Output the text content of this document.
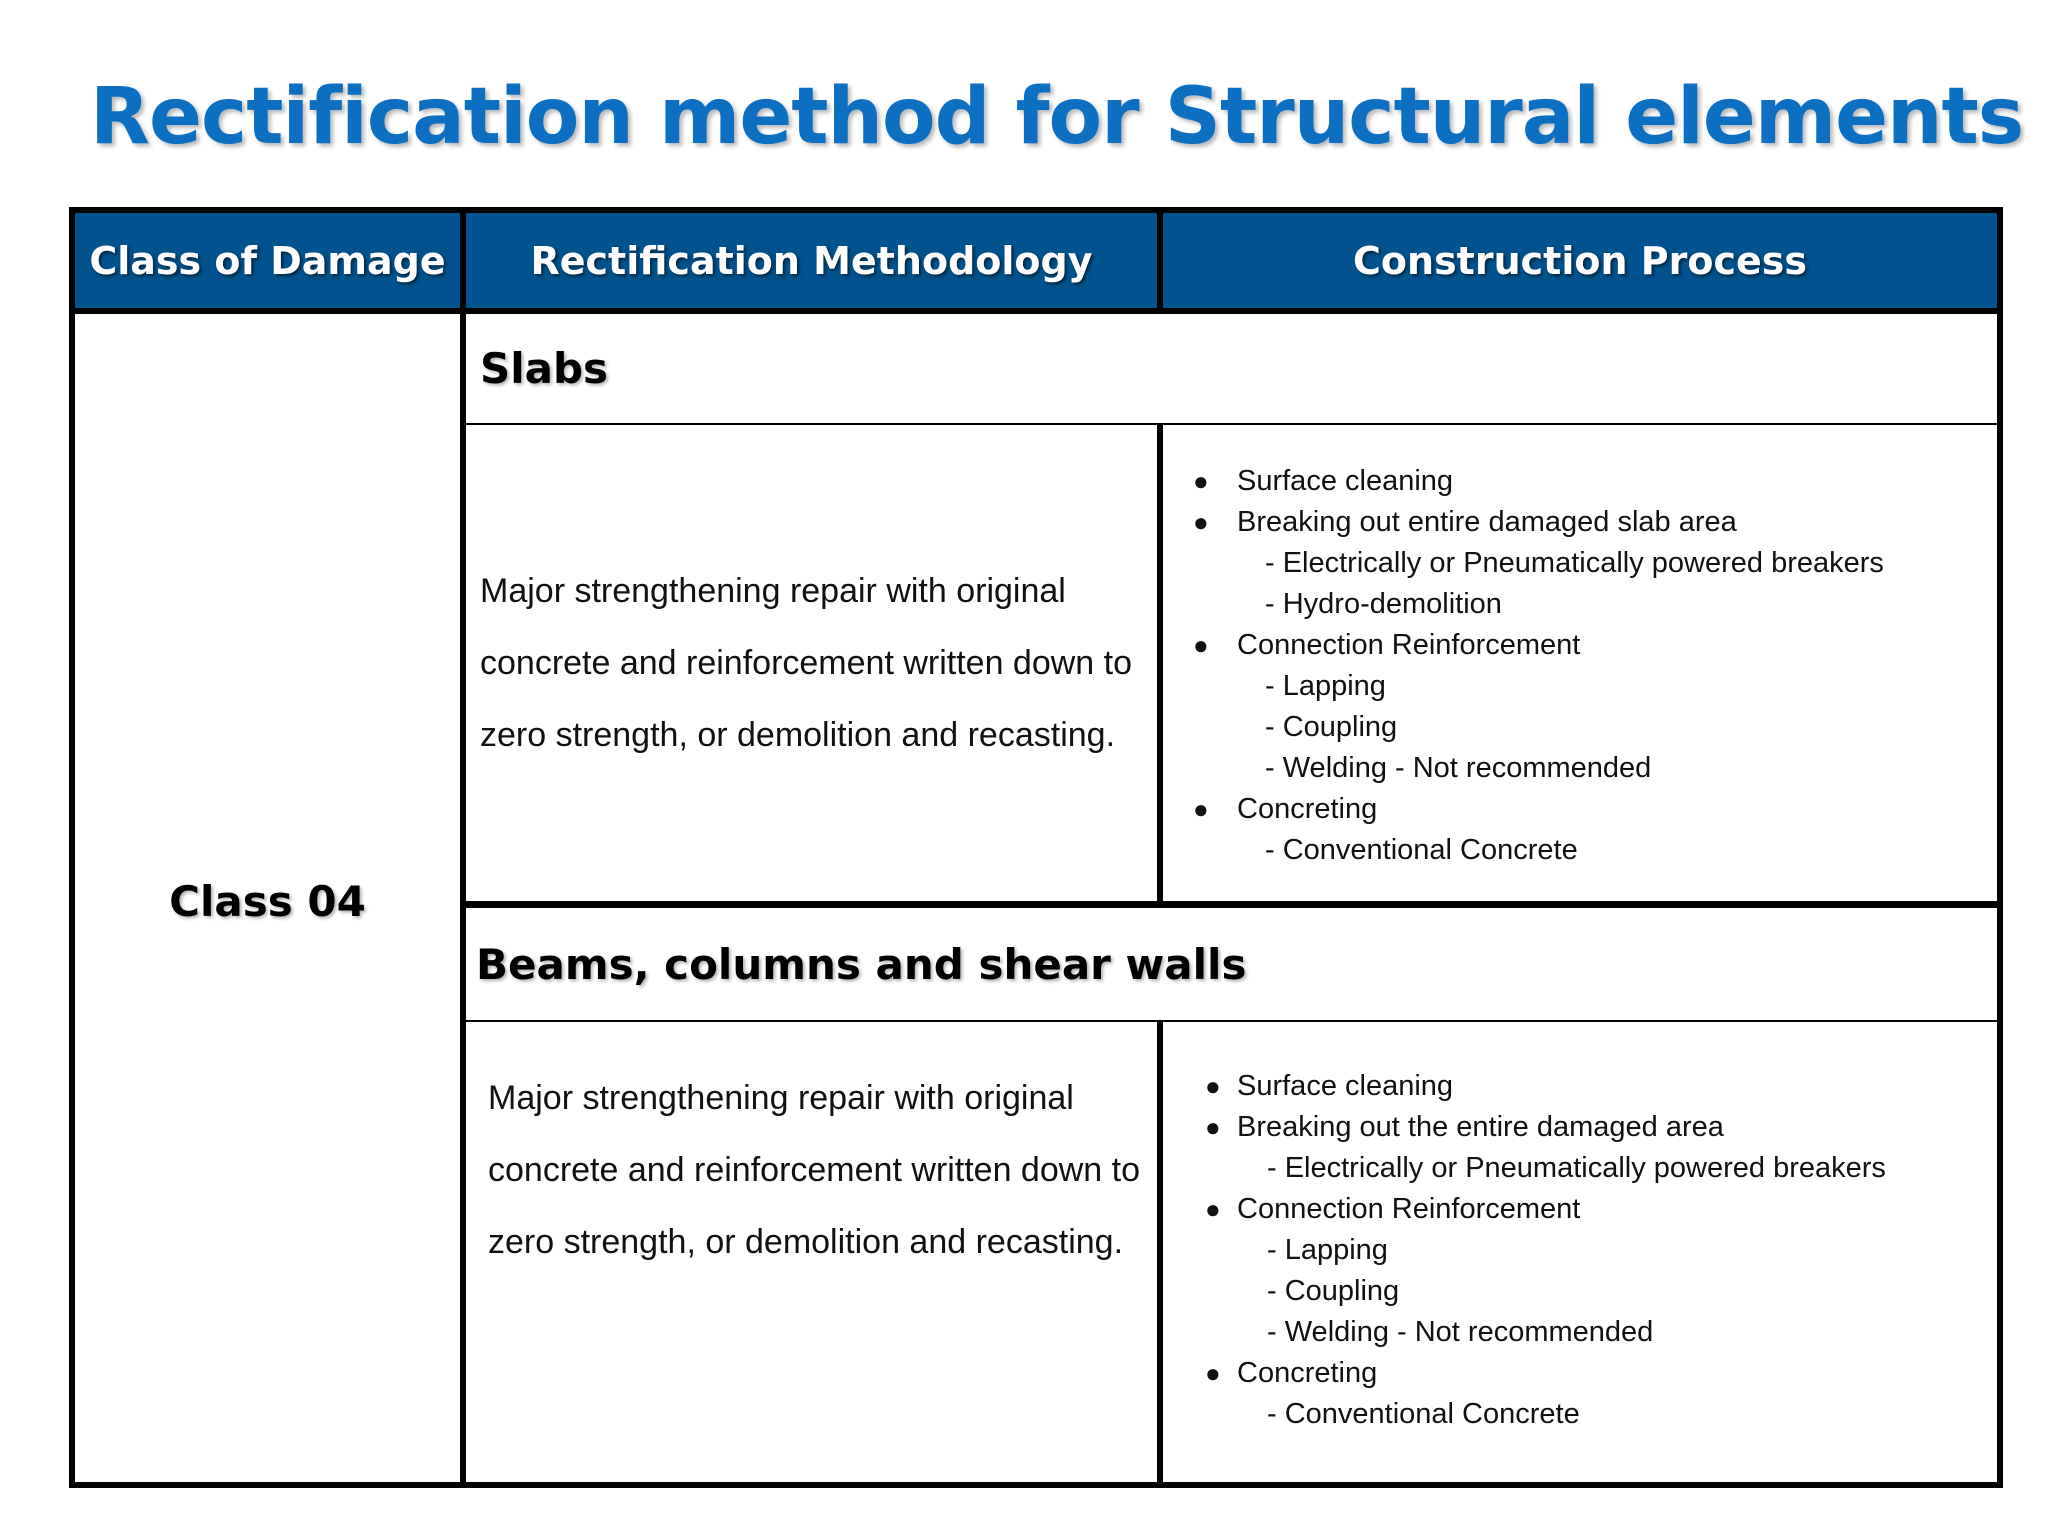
Rectification method for Structural elements
Class of Damage	Rectification Methodology	Construction Process
Class 04
Slabs
Major strengthening repair with original concrete and reinforcement written down to zero strength, or demolition and recasting.
● Surface cleaning
● Breaking out entire damaged slab area
- Electrically or Pneumatically powered breakers
- Hydro-demolition
● Connection Reinforcement
- Lapping
- Coupling
- Welding - Not recommended
● Concreting
- Conventional Concrete
Beams, columns and shear walls
Major strengthening repair with original concrete and reinforcement written down to zero strength, or demolition and recasting.
● Surface cleaning
● Breaking out the entire damaged area
- Electrically or Pneumatically powered breakers
● Connection Reinforcement
- Lapping
- Coupling
- Welding - Not recommended
● Concreting
- Conventional Concrete
